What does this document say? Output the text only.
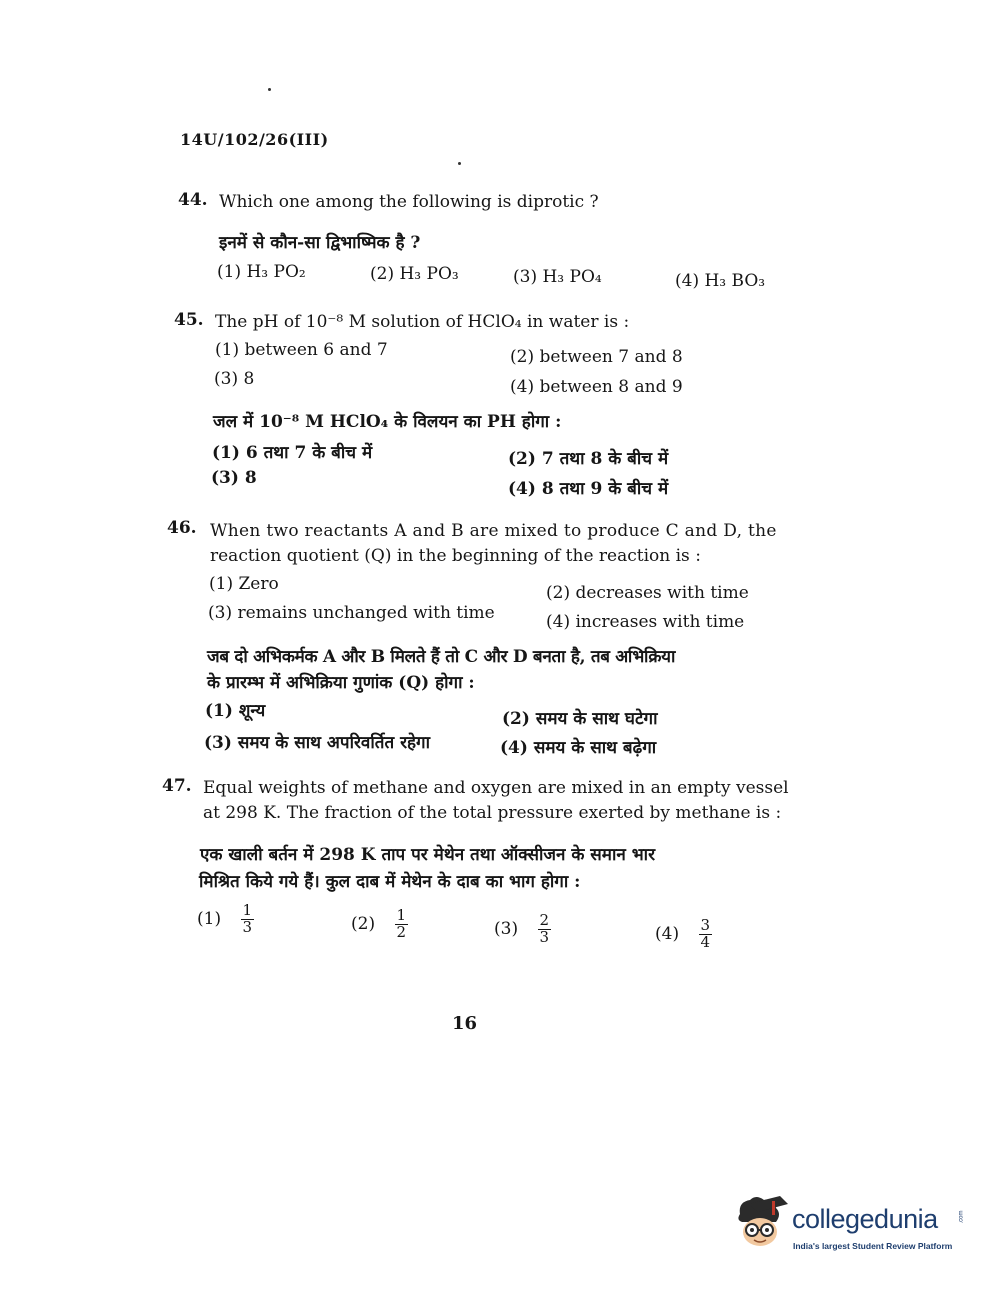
14U/102/26(III)
44. Which one among the following is diprotic ?
इनमें से कौन-सा द्विभाष्मिक है ?
(1) H₃ PO₂	(2) H₃ PO₃	(3) H₃ PO₄	(4) H₃ BO₃
45. The pH of 10⁻⁸ M solution of HClO₄ in water is :
(1) between 6 and 7	(2) between 7 and 8
(3) 8	(4) between 8 and 9
जल में 10⁻⁸ M HClO₄ के विलयन का PH होगा :
(1) 6 तथा 7 के बीच में	(2) 7 तथा 8 के बीच में
(3) 8
(4) 8 तथा 9 के बीच में
46. When two reactants A and B are mixed to produce C and D, the
reaction quotient (Q) in the beginning of the reaction is :
(1) Zero	(2) decreases with time
(3) remains unchanged with time	(4) increases with time
जब दो अभिकर्मक A और B मिलते हैं तो C और D बनता है, तब अभिक्रिया
के प्रारम्भ में अभिक्रिया गुणांक (Q) होगा :
(1) शून्य	(2) समय के साथ घटेगा
(3) समय के साथ अपरिवर्तित रहेगा	(4) समय के साथ बढ़ेगा
47. Equal weights of methane and oxygen are mixed in an empty vessel
at 298 K. The fraction of the total pressure exerted by methane is :
एक खाली बर्तन में 298 K ताप पर मेथेन तथा ऑक्सीजन के समान भार
मिश्रित किये गये हैं। कुल दाब में मेथेन के दाब का भाग होगा :
$(1) \frac{1}{3}$	$(2) \frac{1}{2}$	$(3) \frac{2}{3}$	$(4) \frac{3}{4}$
16
collegedunia	.com
India's largest Student Review Platform
